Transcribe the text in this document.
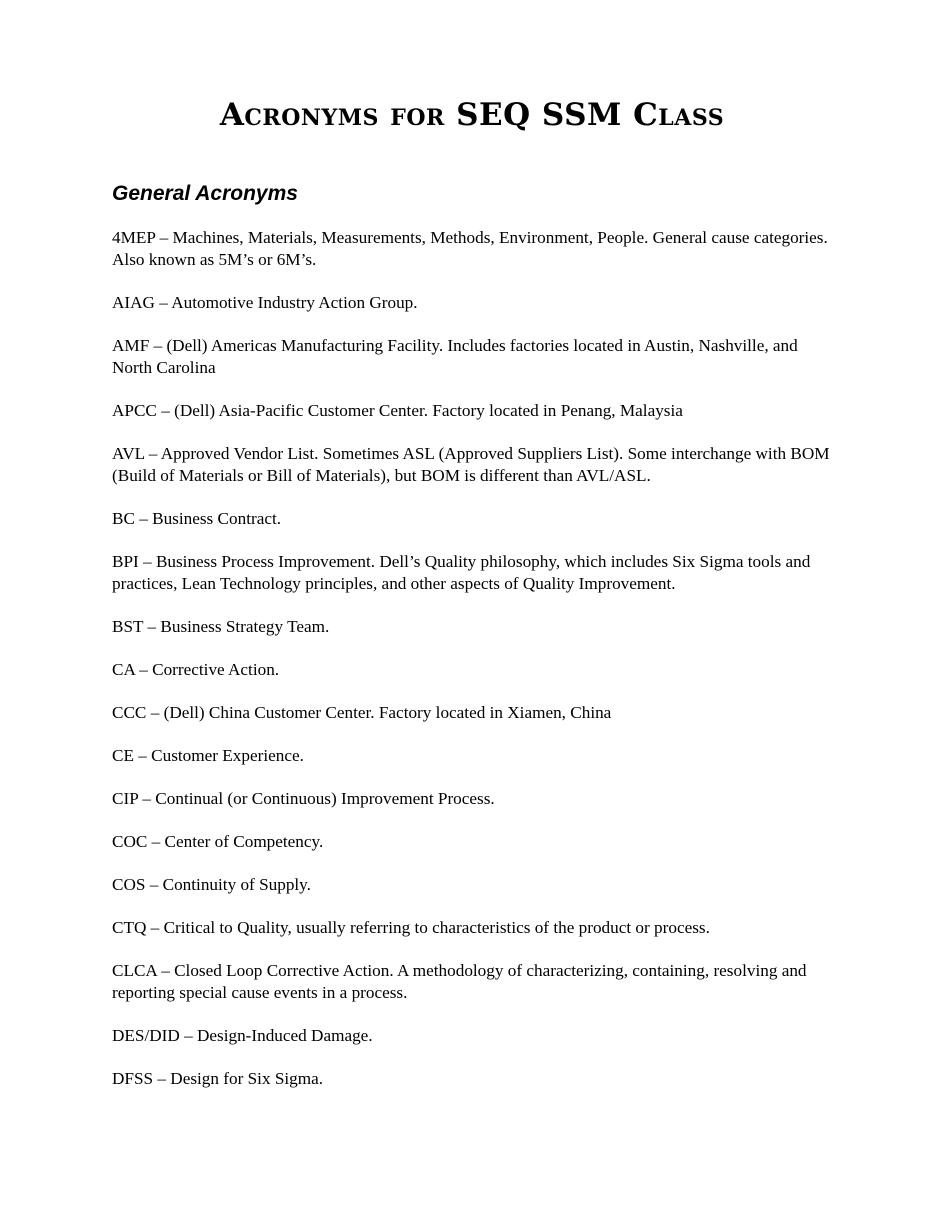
Acronyms for SEQ SSM Class
General Acronyms

4MEP – Machines, Materials, Measurements, Methods, Environment, People. General cause categories. Also known as 5M’s or 6M’s.

AIAG – Automotive Industry Action Group.

AMF – (Dell) Americas Manufacturing Facility. Includes factories located in Austin, Nashville, and North Carolina

APCC – (Dell) Asia-Pacific Customer Center. Factory located in Penang, Malaysia

AVL – Approved Vendor List. Sometimes ASL (Approved Suppliers List). Some interchange with BOM (Build of Materials or Bill of Materials), but BOM is different than AVL/ASL.

BC – Business Contract.

BPI – Business Process Improvement. Dell’s Quality philosophy, which includes Six Sigma tools and practices, Lean Technology principles, and other aspects of Quality Improvement.

BST – Business Strategy Team.

CA – Corrective Action.

CCC – (Dell) China Customer Center. Factory located in Xiamen, China

CE – Customer Experience.

CIP – Continual (or Continuous) Improvement Process.

COC – Center of Competency.

COS – Continuity of Supply.

CTQ – Critical to Quality, usually referring to characteristics of the product or process.

CLCA – Closed Loop Corrective Action. A methodology of characterizing, containing, resolving and reporting special cause events in a process.

DES/DID – Design-Induced Damage.

DFSS – Design for Six Sigma.
